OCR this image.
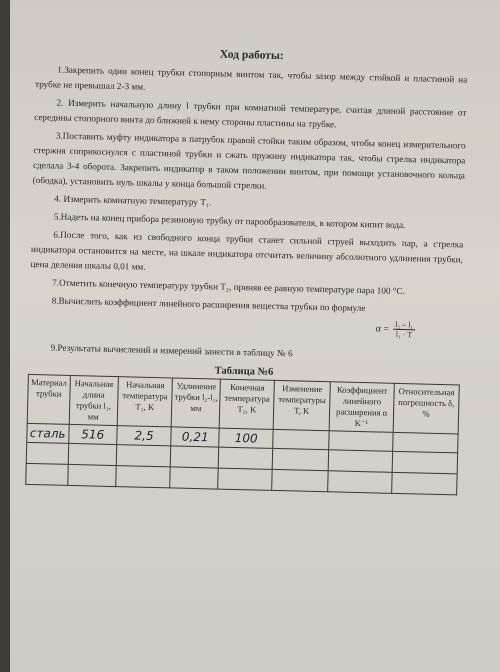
Ход работы:

1.Закрепить один конец трубки стопорным винтом так, чтобы зазор между стойкой и пластиной на трубке не превышал 2-3 мм.

2. Измерить начальную длину l трубки при комнатной температуре, считая длиной расстояние от середины стопорного винта до ближней к нему стороны пластины на трубке.

3.Поставить муфту индикатора в патрубок правой стойки таким образом, чтобы конец измерительного стержня соприкоснулся с пластиной трубки и сжать пружину индикатора так, чтобы стрелка индикатора сделала 3-4 оборота. Закрепить индикатор в таком положении винтом, при помощи установочного кольца (ободка), установить нуль шкалы у конца большой стрелки.

4. Измерить комнатную температуру T₁.

5.Надеть на конец прибора резиновую трубку от парообразователя, в котором кипит вода.

6.После того, как из свободного конца трубки станет сильной струей выходить пар, а стрелка индикатора остановится на месте, на шкале индикатора отсчитать величину абсолютного удлинения трубки, цена деления шкалы 0,01 мм.

7.Отметить конечную температуру трубки T₂, приняв ее равную температуре пара 100 °C.

8.Вычислить коэффициент линейного расширения вещества трубки по формуле

$\alpha = \frac{\text{l₂ – l₁}}{\text{l₁ · T}}$

9.Результаты вычислений и измерений занести в таблицу № 6

Таблица №6
Материал трубки	Начальная длина трубки l₁, мм	Начальная температура T₁, K	Удлинение трубки l₂-l₁, мм	Конечная температура T₂, K	Изменение температуры T, K	Коэффициент линейного расширения α K⁻¹	Относительная погрешность δ, %
сталь	516	2,5	0,21	100			
